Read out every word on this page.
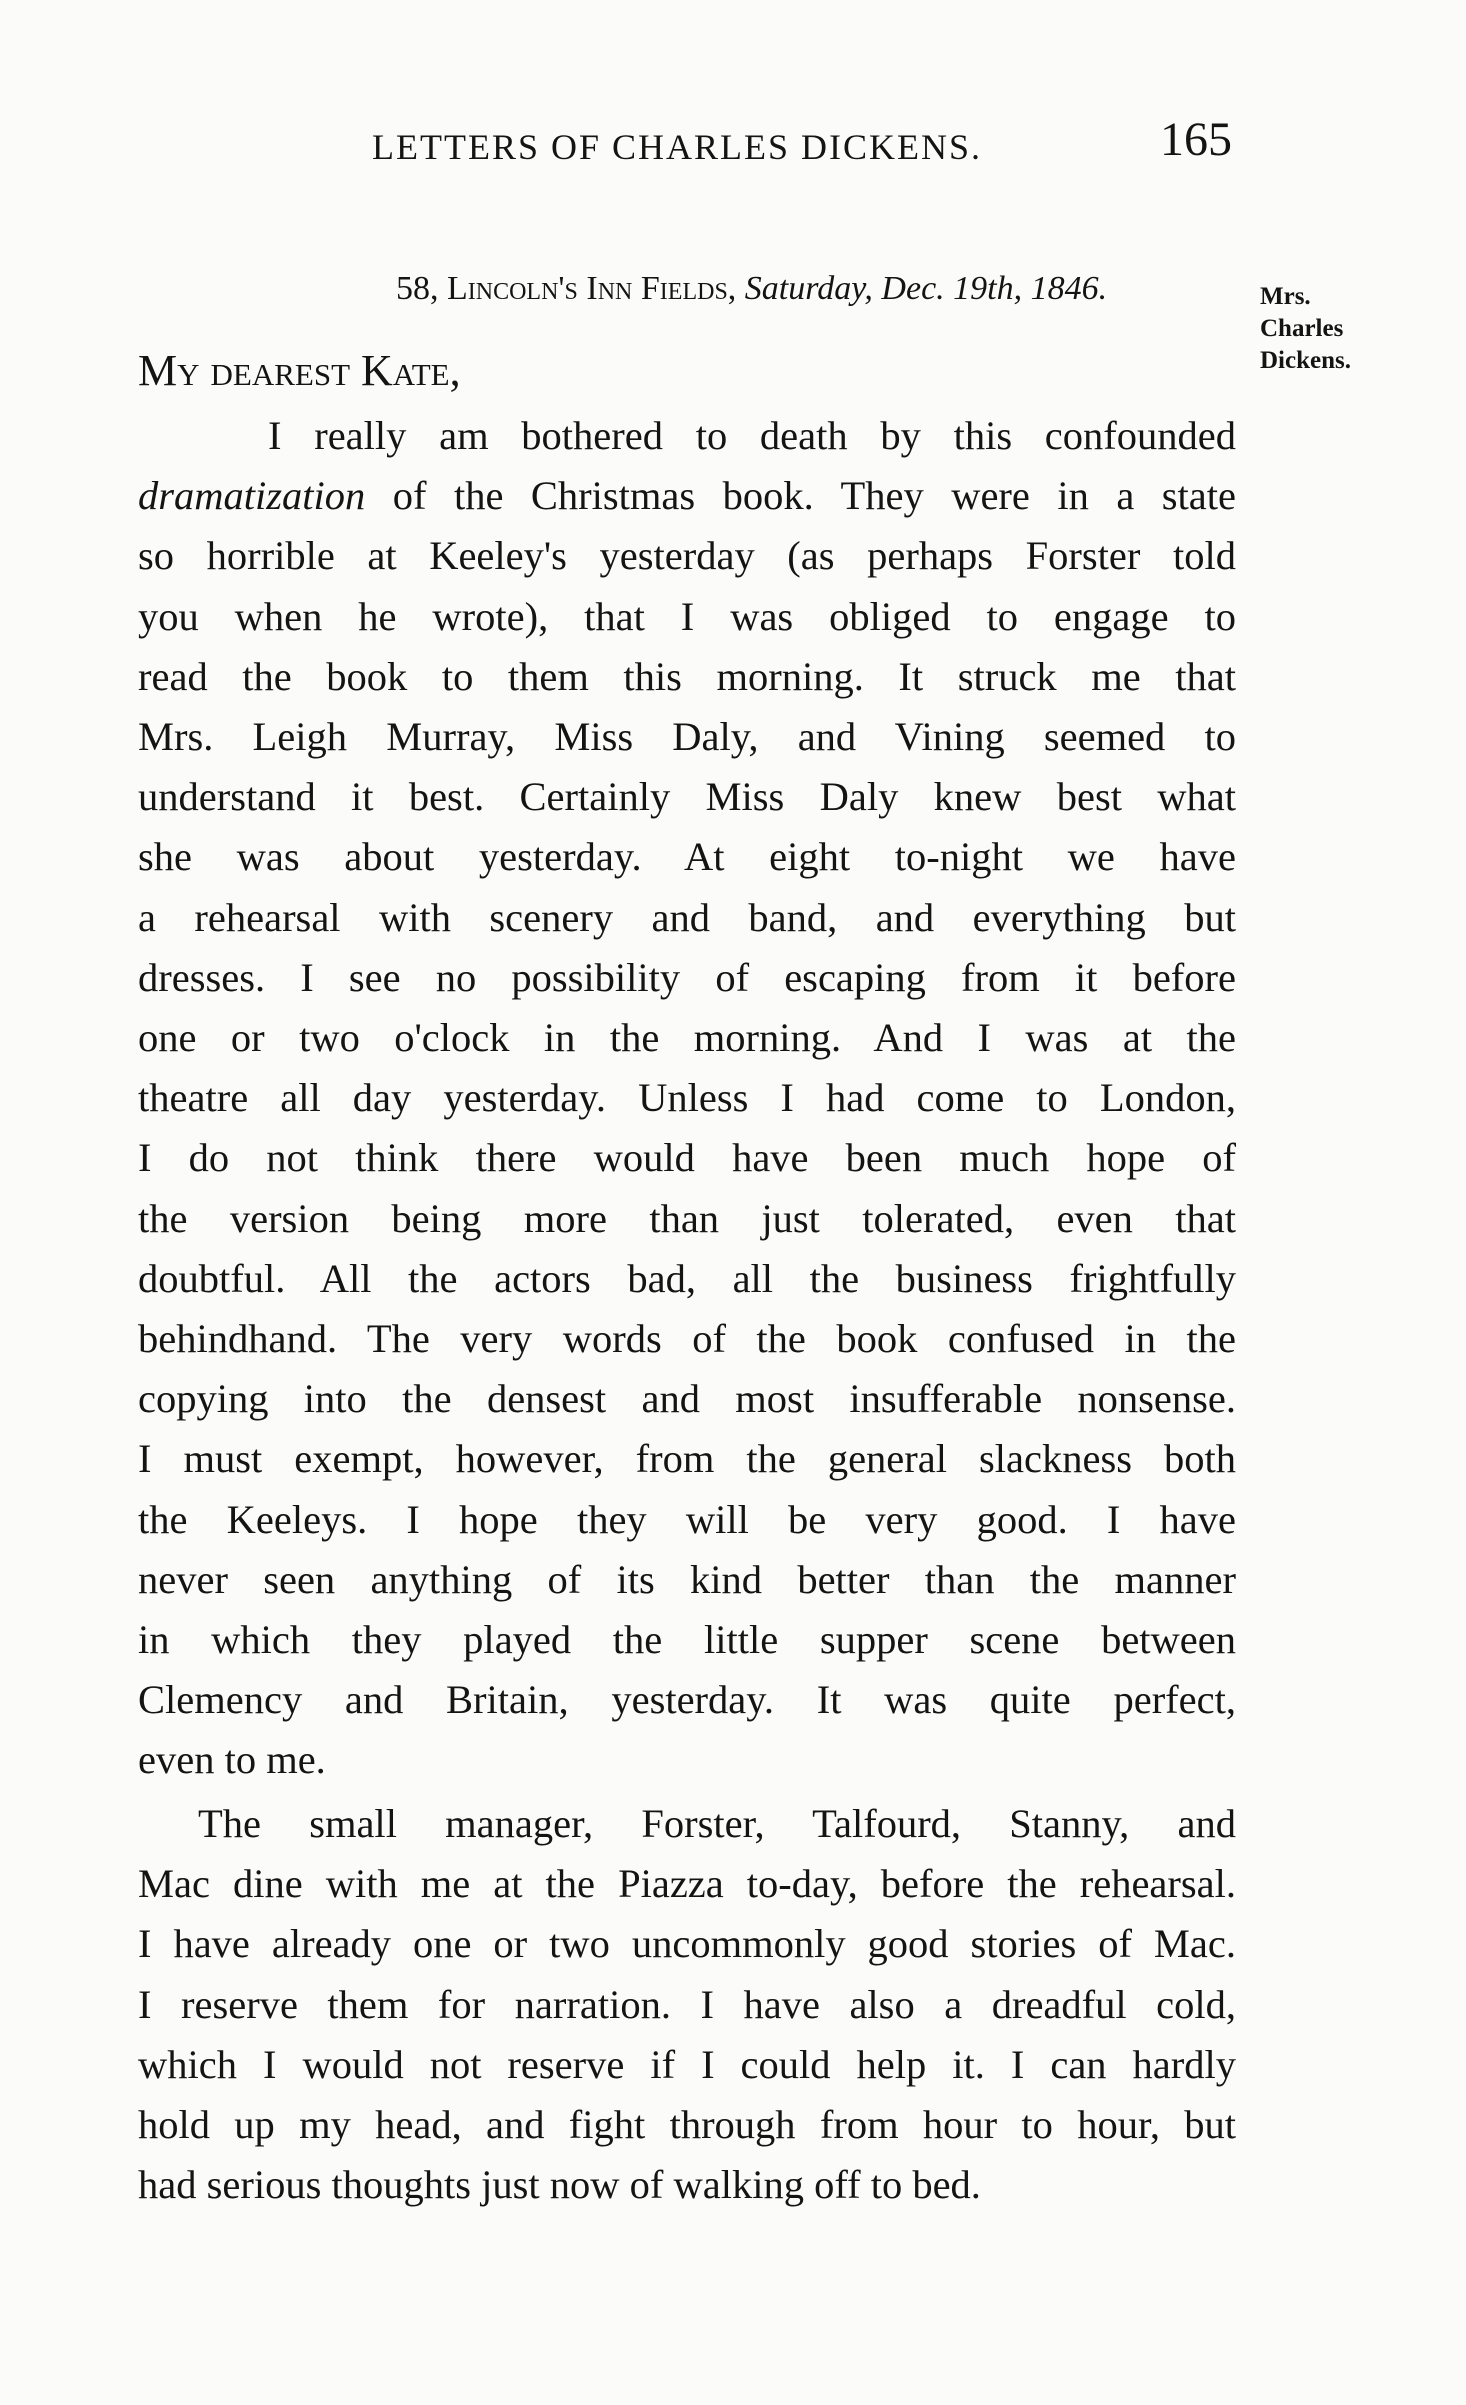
LETTERS OF CHARLES DICKENS.	165
58, Lincoln's Inn Fields, Saturday, Dec. 19th, 1846.	Mrs.
Charles
Dickens.
My dearest Kate,
I really am bothered to death by this confounded
dramatization of the Christmas book. They were in a state
so horrible at Keeley's yesterday (as perhaps Forster told
you when he wrote), that I was obliged to engage to
read the book to them this morning. It struck me that
Mrs. Leigh Murray, Miss Daly, and Vining seemed to
understand it best. Certainly Miss Daly knew best what
she was about yesterday. At eight to-night we have
a rehearsal with scenery and band, and everything but
dresses. I see no possibility of escaping from it before
one or two o'clock in the morning. And I was at the
theatre all day yesterday. Unless I had come to London,
I do not think there would have been much hope of
the version being more than just tolerated, even that
doubtful. All the actors bad, all the business frightfully
behindhand. The very words of the book confused in the
copying into the densest and most insufferable nonsense.
I must exempt, however, from the general slackness both
the Keeleys. I hope they will be very good. I have
never seen anything of its kind better than the manner
in which they played the little supper scene between
Clemency and Britain, yesterday. It was quite perfect,
even to me.
The small manager, Forster, Talfourd, Stanny, and
Mac dine with me at the Piazza to-day, before the rehearsal.
I have already one or two uncommonly good stories of Mac.
I reserve them for narration. I have also a dreadful cold,
which I would not reserve if I could help it. I can hardly
hold up my head, and fight through from hour to hour, but
had serious thoughts just now of walking off to bed.
